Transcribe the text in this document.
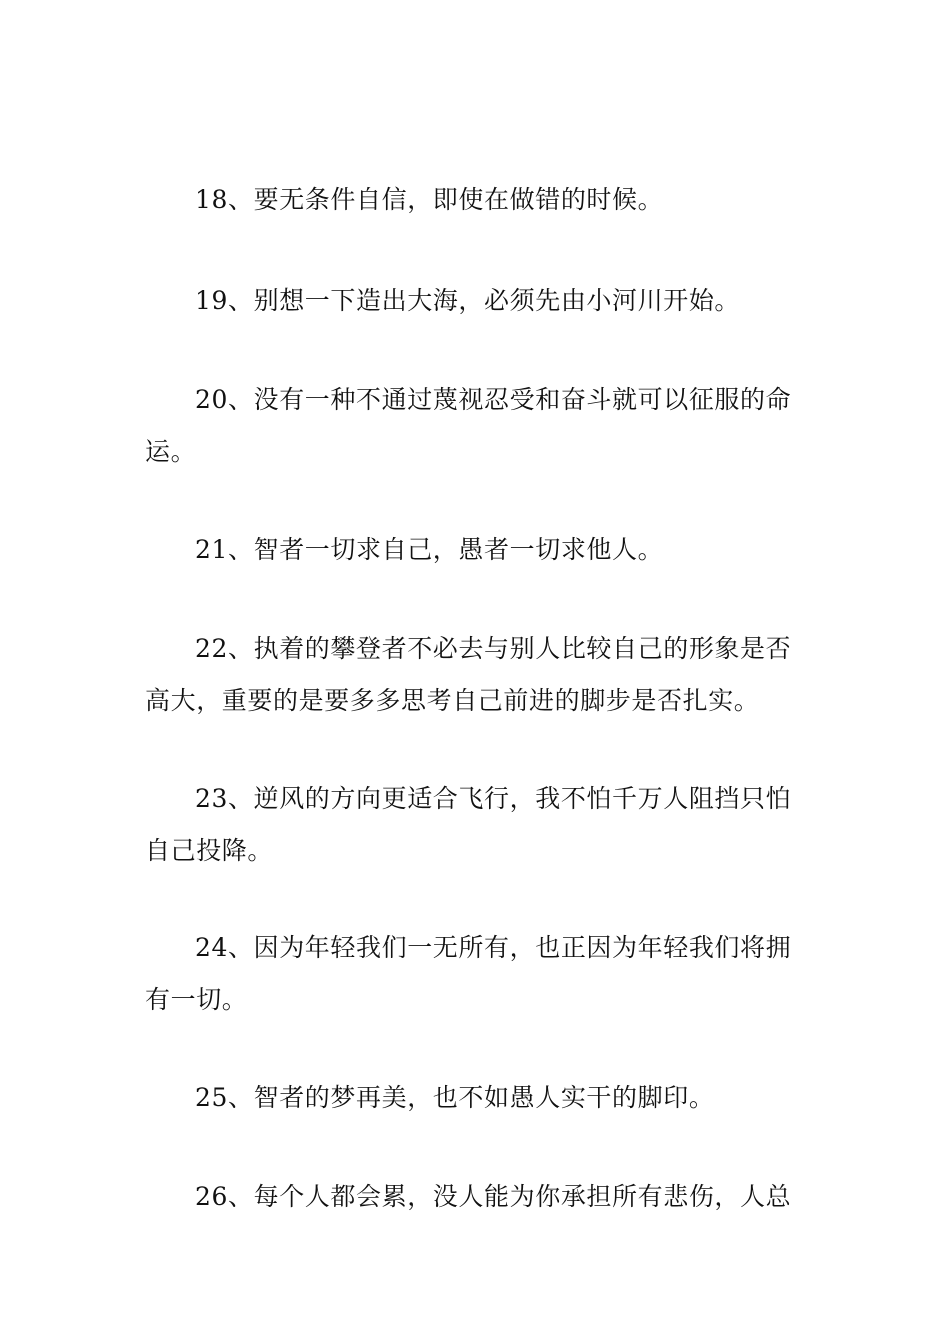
18、要无条件自信，即使在做错的时候。

19、别想一下造出大海，必须先由小河川开始。

20、没有一种不通过蔑视忍受和奋斗就可以征服的命运。

21、智者一切求自己，愚者一切求他人。

22、执着的攀登者不必去与别人比较自己的形象是否高大，重要的是要多多思考自己前进的脚步是否扎实。

23、逆风的方向更适合飞行，我不怕千万人阻挡只怕自己投降。

24、因为年轻我们一无所有，也正因为年轻我们将拥有一切。

25、智者的梦再美，也不如愚人实干的脚印。

26、每个人都会累，没人能为你承担所有悲伤，人总
